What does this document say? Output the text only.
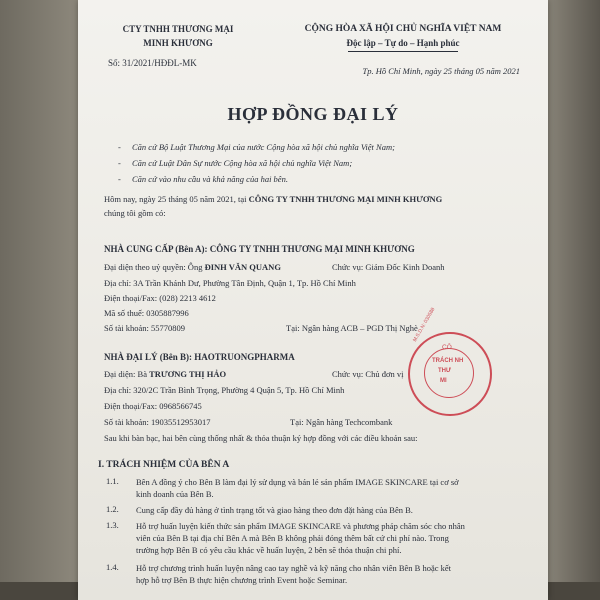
CTY TNHH THƯƠNG MẠI
MINH KHƯƠNG
Số: 31/2021/HĐĐL-MK
CỘNG HÒA XÃ HỘI CHỦ NGHĨA VIỆT NAM
Độc lập – Tự do – Hạnh phúc
Tp. Hồ Chí Minh, ngày 25 tháng 05 năm 2021
HỢP ĐỒNG ĐẠI LÝ
- Căn cứ Bộ Luật Thương Mại của nước Cộng hòa xã hội chủ nghĩa Việt Nam;
- Căn cứ Luật Dân Sự nước Cộng hòa xã hội chủ nghĩa Việt Nam;
- Căn cứ vào nhu cầu và khả năng của hai bên.
Hôm nay, ngày 25 tháng 05 năm 2021, tại CÔNG TY TNHH THƯƠNG MẠI MINH KHƯƠNG
chúng tôi gồm có:
NHÀ CUNG CẤP (Bên A): CÔNG TY TNHH THƯƠNG MẠI MINH KHƯƠNG
Đại diện theo uỷ quyền: Ông ĐINH VĂN QUANG	Chức vụ: Giám Đốc Kinh Doanh
Địa chỉ: 3A Trần Khánh Dư, Phường Tân Định, Quận 1, Tp. Hồ Chí Minh
Điện thoại/Fax: (028) 2213 4612
Mã số thuế: 0305887996
Số tài khoản: 55770809	Tại: Ngân hàng ACB – PGD Thị Nghè
NHÀ ĐẠI LÝ (Bên B): HAOTRUONGPHARMA
Đại diện: Bà TRƯƠNG THỊ HẢO	Chức vụ: Chủ đơn vị
Địa chỉ: 320/2C Trần Bình Trọng, Phường 4 Quận 5, Tp. Hồ Chí Minh
Điện thoại/Fax: 0968566745
Số tài khoản: 19035512953017	Tại: Ngân hàng Techcombank
Sau khi bàn bạc, hai bên cùng thống nhất & thỏa thuận ký hợp đồng với các điều khoản sau:
I. TRÁCH NHIỆM CỦA BÊN A
1.1. Bên A đồng ý cho Bên B làm đại lý sử dụng và bán lẻ sản phẩm IMAGE SKINCARE tại cơ sở kinh doanh của Bên B.
1.2. Cung cấp đầy đủ hàng ở tình trạng tốt và giao hàng theo đơn đặt hàng của Bên B.
1.3. Hỗ trợ huấn luyện kiến thức sản phẩm IMAGE SKINCARE và phương pháp chăm sóc cho nhân viên của Bên B tại địa chỉ Bên A mà Bên B không phải đóng thêm bất cứ chi phí nào. Trong trường hợp Bên B có yêu cầu khác về huấn luyện, 2 bên sẽ thỏa thuận chi phí.
1.4. Hỗ trợ chương trình huấn luyện nâng cao tay nghề và kỹ năng cho nhân viên Bên B hoặc kết hợp hỗ trợ Bên B thực hiện chương trình Event hoặc Seminar.
CÔ
TRÁCH NH
THƯ
MI
M.S.D.N: 030588
